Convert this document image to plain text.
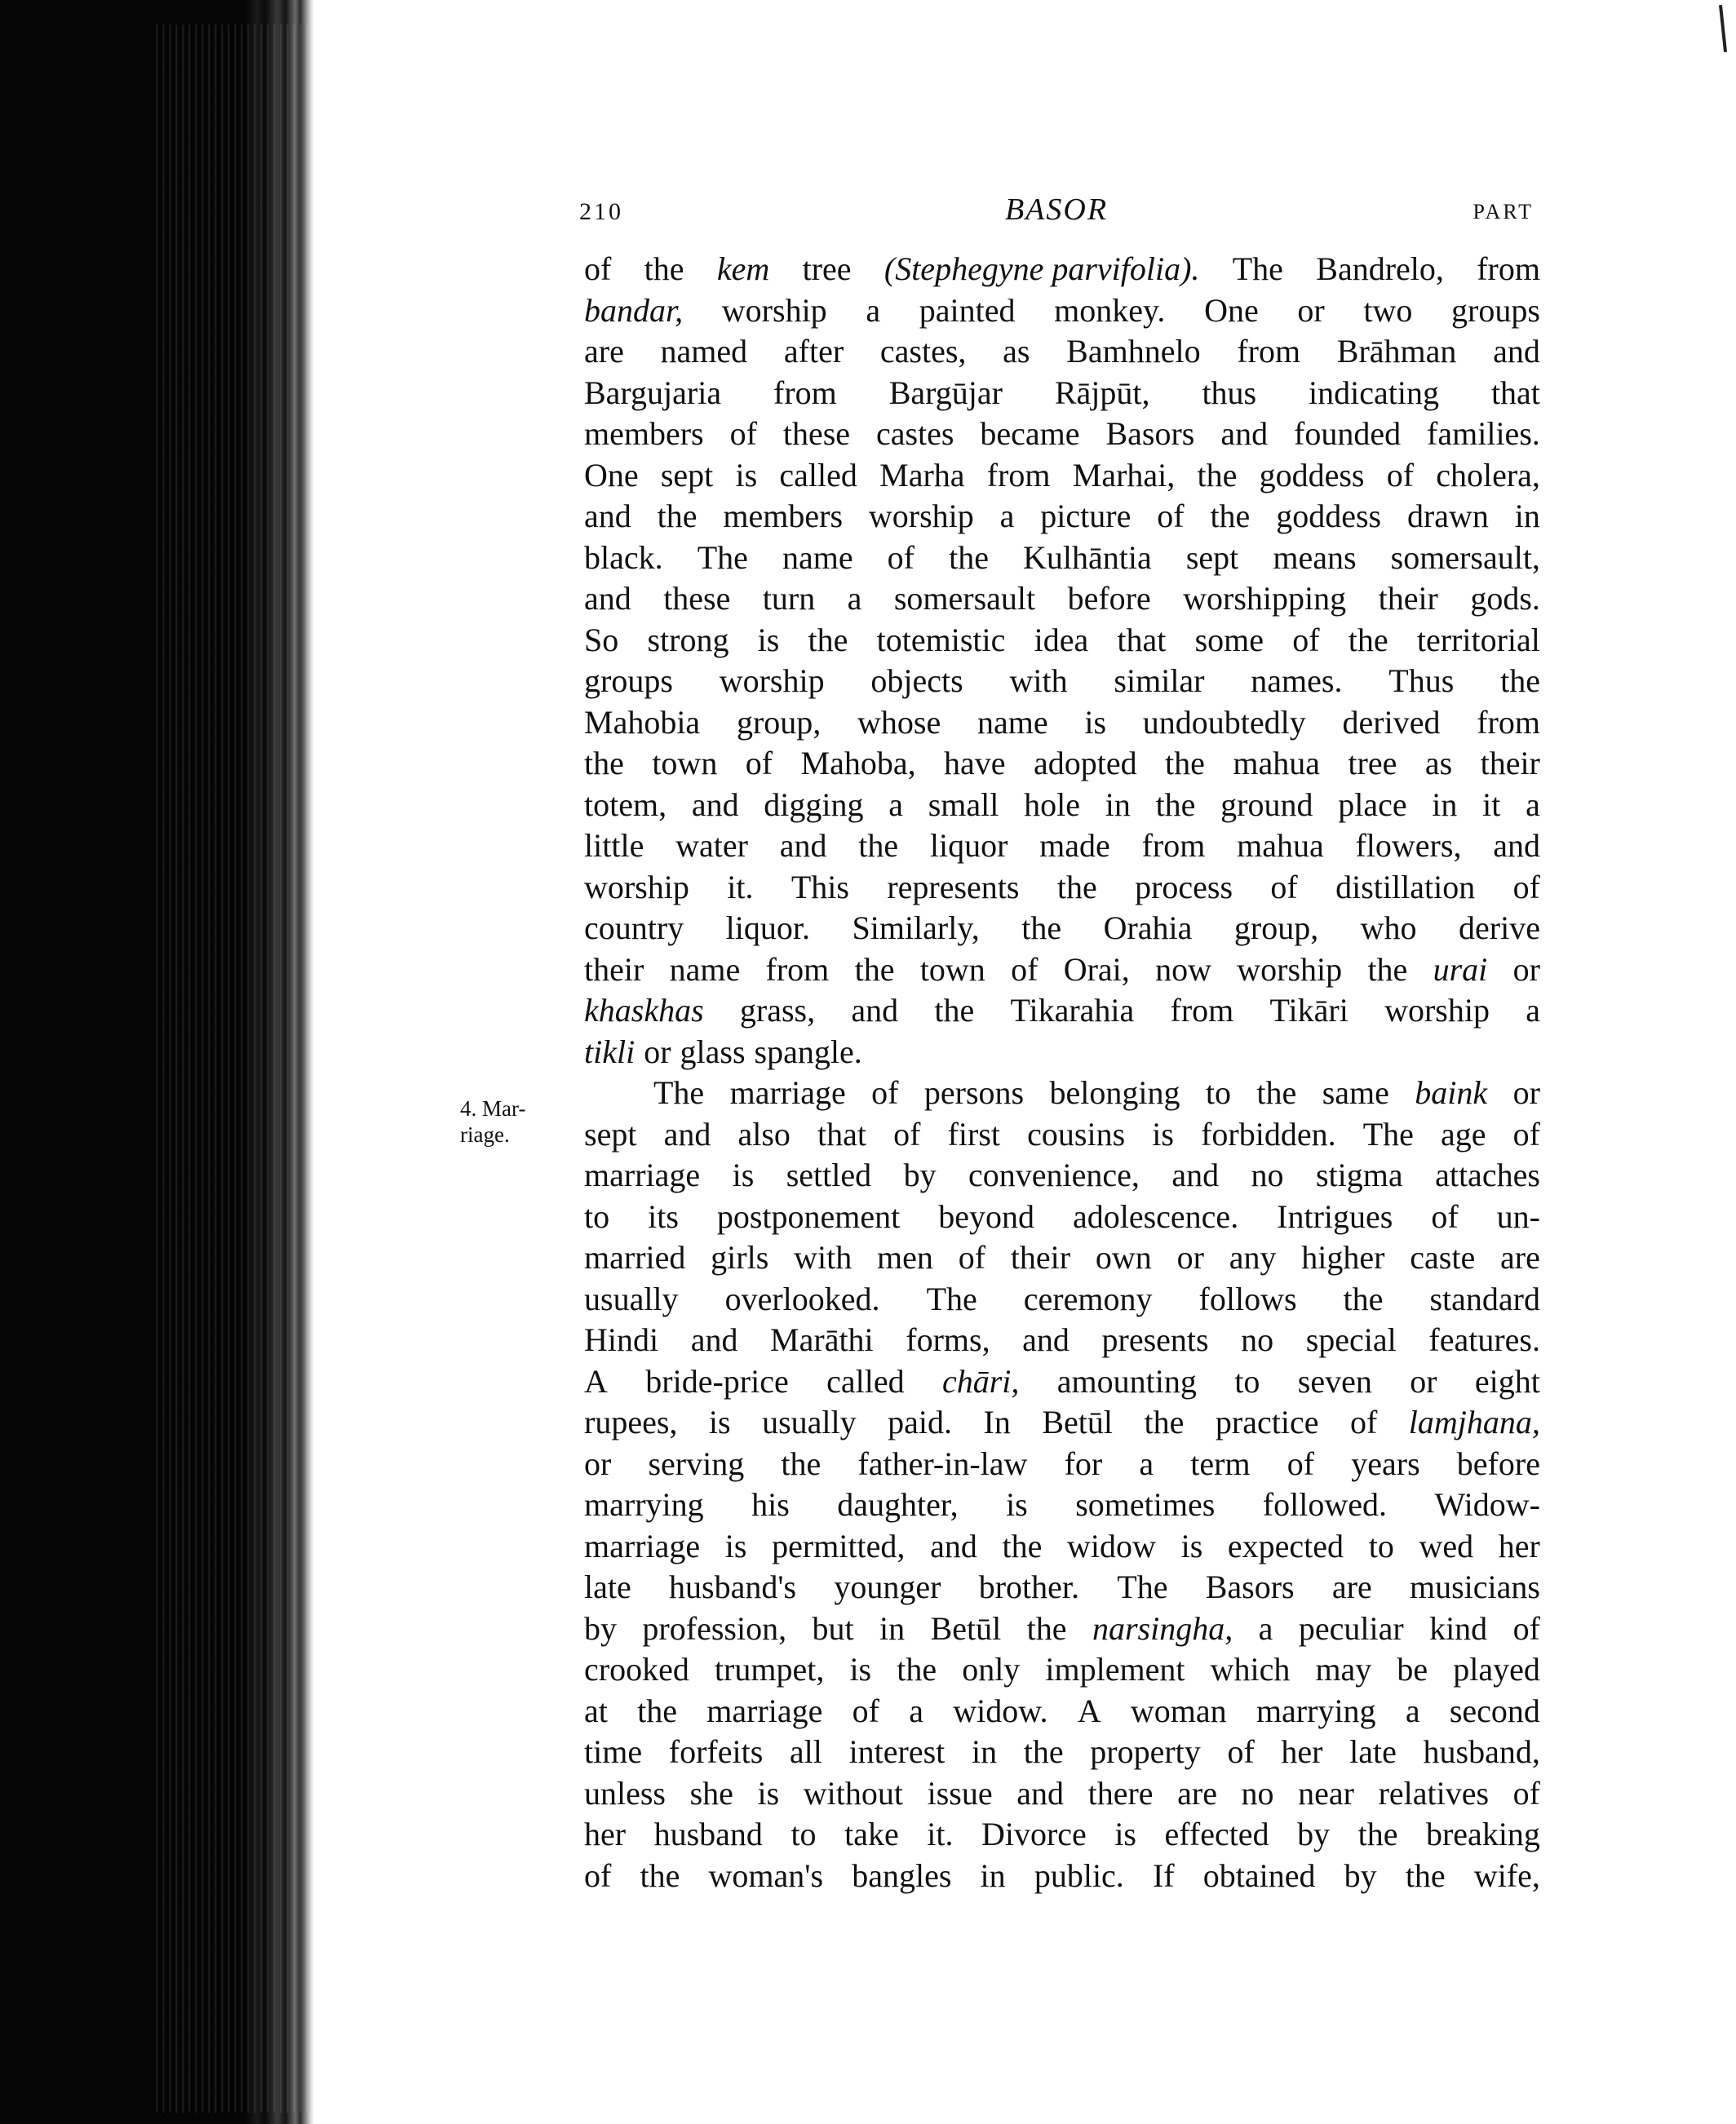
210	BASOR	PART
4. Mar-
riage.
of the kem tree (Stephegyne parvifolia). The Bandrelo, from
bandar, worship a painted monkey. One or two groups
are named after castes, as Bamhnelo from Brāhman and
Bargujaria from Bargūjar Rājpūt, thus indicating that
members of these castes became Basors and founded families.
One sept is called Marha from Marhai, the goddess of cholera,
and the members worship a picture of the goddess drawn in
black. The name of the Kulhāntia sept means somersault,
and these turn a somersault before worshipping their gods.
So strong is the totemistic idea that some of the territorial
groups worship objects with similar names. Thus the
Mahobia group, whose name is undoubtedly derived from
the town of Mahoba, have adopted the mahua tree as their
totem, and digging a small hole in the ground place in it a
little water and the liquor made from mahua flowers, and
worship it. This represents the process of distillation of
country liquor. Similarly, the Orahia group, who derive
their name from the town of Orai, now worship the urai or
khaskhas grass, and the Tikarahia from Tikāri worship a
tikli or glass spangle.
The marriage of persons belonging to the same baink or
sept and also that of first cousins is forbidden. The age of
marriage is settled by convenience, and no stigma attaches
to its postponement beyond adolescence. Intrigues of un-
married girls with men of their own or any higher caste are
usually overlooked. The ceremony follows the standard
Hindi and Marāthi forms, and presents no special features.
A bride-price called chāri, amounting to seven or eight
rupees, is usually paid. In Betūl the practice of lamjhana,
or serving the father-in-law for a term of years before
marrying his daughter, is sometimes followed. Widow-
marriage is permitted, and the widow is expected to wed her
late husband's younger brother. The Basors are musicians
by profession, but in Betūl the narsingha, a peculiar kind of
crooked trumpet, is the only implement which may be played
at the marriage of a widow. A woman marrying a second
time forfeits all interest in the property of her late husband,
unless she is without issue and there are no near relatives of
her husband to take it. Divorce is effected by the breaking
of the woman's bangles in public. If obtained by the wife,
